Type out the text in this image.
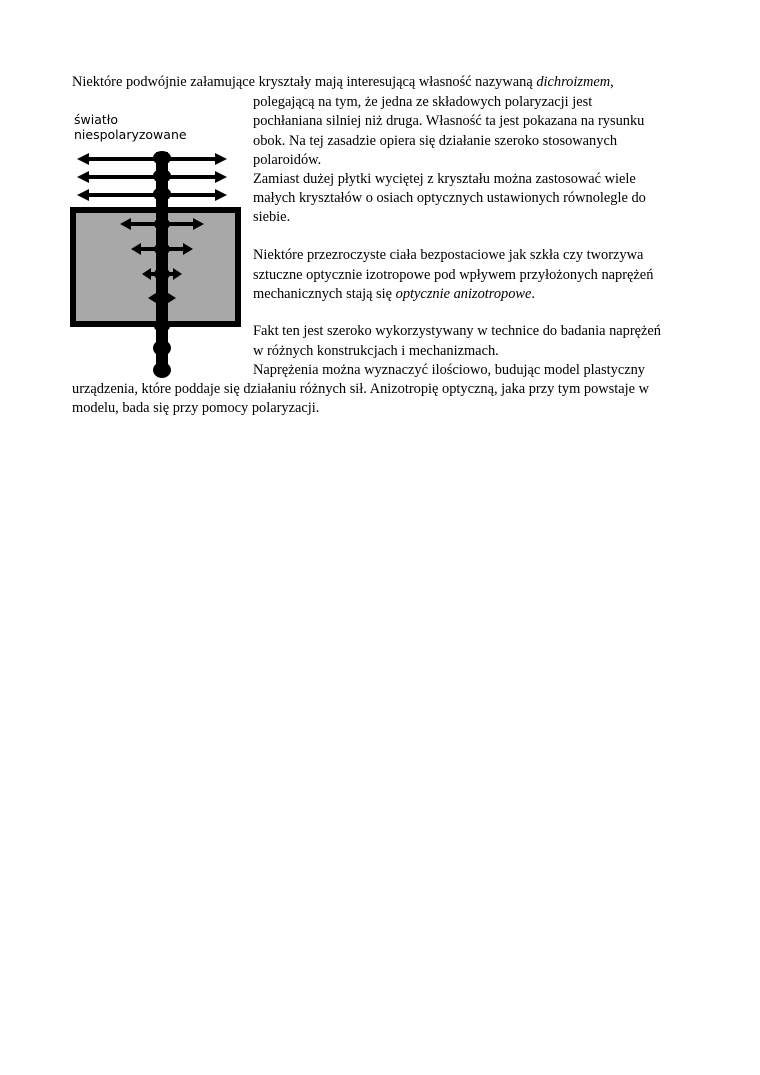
światło
niespolaryzowane
Niektóre podwójnie załamujące kryształy mają interesującą własność nazywaną dichroizmem,
polegającą na tym, że jedna ze składowych polaryzacji jest
pochłaniana silniej niż druga. Własność ta jest pokazana na rysunku
obok. Na tej zasadzie opiera się działanie szeroko stosowanych
polaroidów.
Zamiast dużej płytki wyciętej z kryształu można zastosować wiele
małych kryształów o osiach optycznych ustawionych równolegle do
siebie.
Niektóre przezroczyste ciała bezpostaciowe jak szkła czy tworzywa
sztuczne optycznie izotropowe pod wpływem przyłożonych naprężeń
mechanicznych stają się optycznie anizotropowe.
Fakt ten jest szeroko wykorzystywany w technice do badania naprężeń
w różnych konstrukcjach i mechanizmach.
Naprężenia można wyznaczyć ilościowo, budując model plastyczny
urządzenia, które poddaje się działaniu różnych sił. Anizotropię optyczną, jaka przy tym powstaje w
modelu, bada się przy pomocy polaryzacji.
